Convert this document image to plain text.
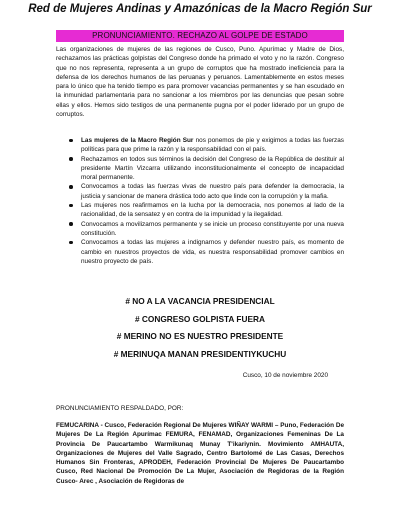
Red de Mujeres Andinas y Amazónicas de la Macro Región Sur
PRONUNCIAMIENTO. RECHAZO AL GOLPE DE ESTADO
Las organizaciones de mujeres de las regiones de Cusco, Puno. Apurímac y Madre de Dios, rechazamos las prácticas golpistas del Congreso donde ha primado el voto y no la razón. Congreso que no nos representa, representa a un grupo de corruptos que ha mostrado ineficiencia para la defensa de los derechos humanos de las peruanas y peruanos. Lamentablemente en estos meses para lo único que ha tenido tiempo es para promover vacancias permanentes y se han escudado en la inmunidad parlamentaria para no sancionar a los miembros por las denuncias que pesan sobre ellas y ellos. Hemos sido testigos de una permanente pugna por el poder liderado por un grupo de corruptos.
Las mujeres de la Macro Región Sur nos ponemos de pie y exigimos a todas las fuerzas políticas para que prime la razón y la responsabilidad con el país.
Rechazamos en todos sus términos la decisión del Congreso de la República de destituir al presidente Martín Vizcarra utilizando inconstitucionalmente el concepto de incapacidad moral permanente.
Convocamos a todas las fuerzas vivas de nuestro país para defender la democracia, la justicia y sancionar de manera drástica todo acto que linde con la corrupción y la mafia.
Las mujeres nos reafirmamos en la lucha por la democracia, nos ponemos al lado de la racionalidad, de la sensatez y en contra de la impunidad y la ilegalidad.
Convocamos a movilizarnos permanente y se inicie un proceso constituyente por una nueva constitución.
Convocamos a todas las mujeres a indignarnos y defender nuestro país, es momento de cambio en nuestros proyectos de vida, es nuestra responsabilidad promover cambios en nuestro proyecto de país.
# NO A LA VACANCIA PRESIDENCIAL
# CONGRESO GOLPISTA FUERA
# MERINO NO ES NUESTRO PRESIDENTE
# MERINUQA MANAN PRESIDENTIYKUCHU
Cusco, 10 de noviembre 2020
PRONUNCIAMIENTO RESPALDADO, POR:
FEMUCARINA - Cusco, Federación Regional De Mujeres WIÑAY WARMI – Puno, Federación De Mujeres De La Región Apurímac FEMURA, FENAMAD, Organizaciones Femeninas De La Provincia De Paucartambo Warmikunaq Munay T'ikariynin. Movimiento AMHAUTA, Organizaciones de Mujeres del Valle Sagrado, Centro Bartolomé de Las Casas, Derechos Humanos Sin Fronteras, APRODEH, Federación Provincial De Mujeres De Paucartambo Cusco, Red Nacional De Promoción De La Mujer, Asociación de Regidoras de la Región Cusco- Arec , Asociación de Regidoras de
